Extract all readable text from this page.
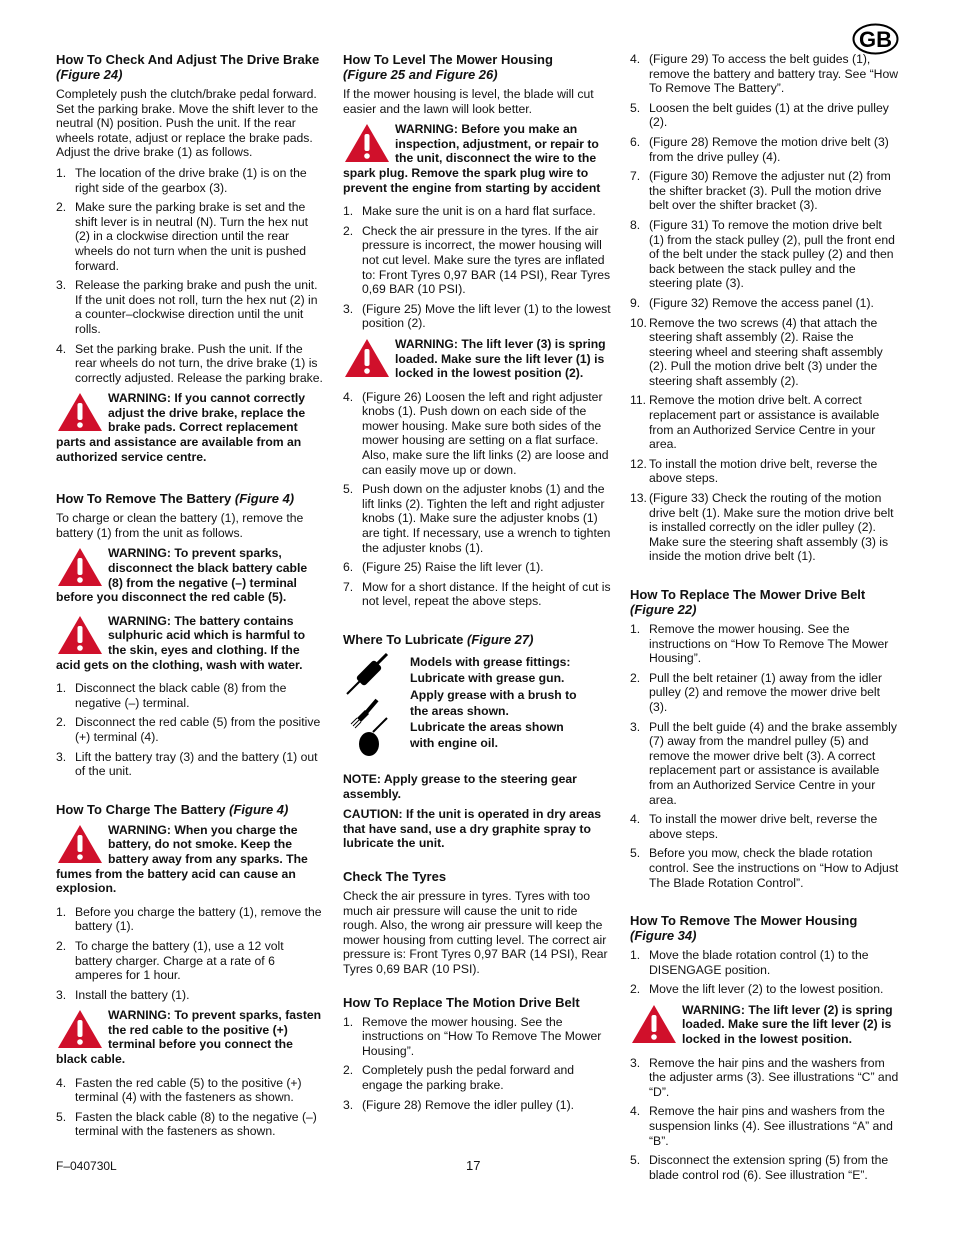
GB
How To Check And Adjust The Drive Brake (Figure 24)

Completely push the clutch/brake pedal forward. Set the parking brake. Move the shift lever to the neutral (N) position. Push the unit. If the rear wheels rotate, adjust or replace the brake pads. Adjust the drive brake (1) as follows.

1. The location of the drive brake (1) is on the right side of the gearbox (3).
2. Make sure the parking brake is set and the shift lever is in neutral (N). Turn the hex nut (2) in a clockwise direction until the rear wheels do not turn when the unit is pushed forward.
3. Release the parking brake and push the unit. If the unit does not roll, turn the hex nut (2) in a counter–clockwise direction until the unit rolls.
4. Set the parking brake. Push the unit. If the rear wheels do not turn, the drive brake (1) is correctly adjusted. Release the parking brake.
WARNING: If you cannot correctly adjust the drive brake, replace the brake pads. Correct replacement parts and assistance are available from an authorized service centre.
How To Remove The Battery (Figure 4)

To charge or clean the battery (1), remove the battery (1) from the unit as follows.

WARNING: To prevent sparks, disconnect the black battery cable (8) from the negative (–) terminal before you disconnect the red cable (5).
WARNING: The battery contains sulphuric acid which is harmful to the skin, eyes and clothing. If the acid gets on the clothing, wash with water.
1. Disconnect the black cable (8) from the negative (–) terminal.
2. Disconnect the red cable (5) from the positive (+) terminal (4).
3. Lift the battery tray (3) and the battery (1) out of the unit.
How To Charge The Battery (Figure 4)
WARNING: When you charge the battery, do not smoke. Keep the battery away from any sparks. The fumes from the battery acid can cause an explosion.
1. Before you charge the battery (1), remove the battery (1).
2. To charge the battery (1), use a 12 volt battery charger. Charge at a rate of 6 amperes for 1 hour.
3. Install the battery (1).
WARNING: To prevent sparks, fasten the red cable to the positive (+) terminal before you connect the black cable.
4. Fasten the red cable (5) to the positive (+) terminal (4) with the fasteners as shown.
5. Fasten the black cable (8) to the negative (–) terminal with the fasteners as shown.
How To Level The Mower Housing
(Figure 25 and Figure 26)

If the mower housing is level, the blade will cut easier and the lawn will look better.

WARNING: Before you make an inspection, adjustment, or repair to the unit, disconnect the wire to the spark plug. Remove the spark plug wire to prevent the engine from starting by accident
1. Make sure the unit is on a hard flat surface.
2. Check the air pressure in the tyres. If the air pressure is incorrect, the mower housing will not cut level. Make sure the tyres are inflated to: Front Tyres 0,97 BAR (14 PSI), Rear Tyres 0,69 BAR (10 PSI).
3. (Figure 25) Move the lift lever (1) to the lowest position (2).
WARNING: The lift lever (3) is spring loaded. Make sure the lift lever (1) is locked in the lowest position (2).
4. (Figure 26) Loosen the left and right adjuster knobs (1). Push down on each side of the mower housing. Make sure both sides of the mower housing are setting on a flat surface. Also, make sure the lift links (2) are loose and can easily move up or down.
5. Push down on the adjuster knobs (1) and the lift links (2). Tighten the left and right adjuster knobs (1). Make sure the adjuster knobs (1) are tight. If necessary, use a wrench to tighten the adjuster knobs (1).
6. (Figure 25) Raise the lift lever (1).
7. Mow for a short distance. If the height of cut is not level, repeat the above steps.
Where To Lubricate (Figure 27)
Models with grease fittings:
Lubricate with grease gun.
Apply grease with a brush to
the areas shown.
Lubricate the areas shown
with engine oil.

NOTE: Apply grease to the steering gear assembly.

CAUTION: If the unit is operated in dry areas that have sand, use a dry graphite spray to lubricate the unit.

Check The Tyres

Check the air pressure in tyres. Tyres with too much air pressure will cause the unit to ride rough. Also, the wrong air pressure will keep the mower housing from cutting level. The correct air pressure is: Front Tyres 0,97 BAR (14 PSI), Rear Tyres 0,69 BAR (10 PSI).

How To Replace The Motion Drive Belt
1. Remove the mower housing. See the instructions on “How To Remove The Mower Housing”.
2. Completely push the pedal forward and engage the parking brake.
3. (Figure 28) Remove the idler pulley (1).
4. (Figure 29) To access the belt guides (1), remove the battery and battery tray. See “How To Remove The Battery”.
5. Loosen the belt guides (1) at the drive pulley (2).
6. (Figure 28) Remove the motion drive belt (3) from the drive pulley (4).
7. (Figure 30) Remove the adjuster nut (2) from the shifter bracket (3). Pull the motion drive belt over the shifter bracket (3).
8. (Figure 31) To remove the motion drive belt (1) from the stack pulley (2), pull the front end of the belt under the stack pulley (2) and then back between the stack pulley and the steering plate (3).
9. (Figure 32) Remove the access panel (1).
10. Remove the two screws (4) that attach the steering shaft assembly (2). Raise the steering wheel and steering shaft assembly (2). Pull the motion drive belt (3) under the steering shaft assembly (2).
11. Remove the motion drive belt. A correct replacement part or assistance is available from an Authorized Service Centre in your area.
12. To install the motion drive belt, reverse the above steps.
13. (Figure 33) Check the routing of the motion drive belt (1). Make sure the motion drive belt is installed correctly on the idler pulley (2). Make sure the steering shaft assembly (3) is inside the motion drive belt (1).
How To Replace The Mower Drive Belt
(Figure 22)
1. Remove the mower housing. See the instructions on “How To Remove The Mower Housing”.
2. Pull the belt retainer (1) away from the idler pulley (2) and remove the mower drive belt (3).
3. Pull the belt guide (4) and the brake assembly (7) away from the mandrel pulley (5) and remove the mower drive belt (3). A correct replacement part or assistance is available from an Authorized Service Centre in your area.
4. To install the mower drive belt, reverse the above steps.
5. Before you mow, check the blade rotation control. See the instructions on “How to Adjust The Blade Rotation Control”.
How To Remove The Mower Housing
(Figure 34)
1. Move the blade rotation control (1) to the DISENGAGE position.
2. Move the lift lever (2) to the lowest position.
WARNING: The lift lever (2) is spring loaded. Make sure the lift lever (2) is locked in the lowest position.
3. Remove the hair pins and the washers from the adjuster arms (3). See illustrations “C” and “D”.
4. Remove the hair pins and washers from the suspension links (4). See illustrations “A” and “B”.
5. Disconnect the extension spring (5) from the blade control rod (6). See illustration “E”.
F–040730L	17
